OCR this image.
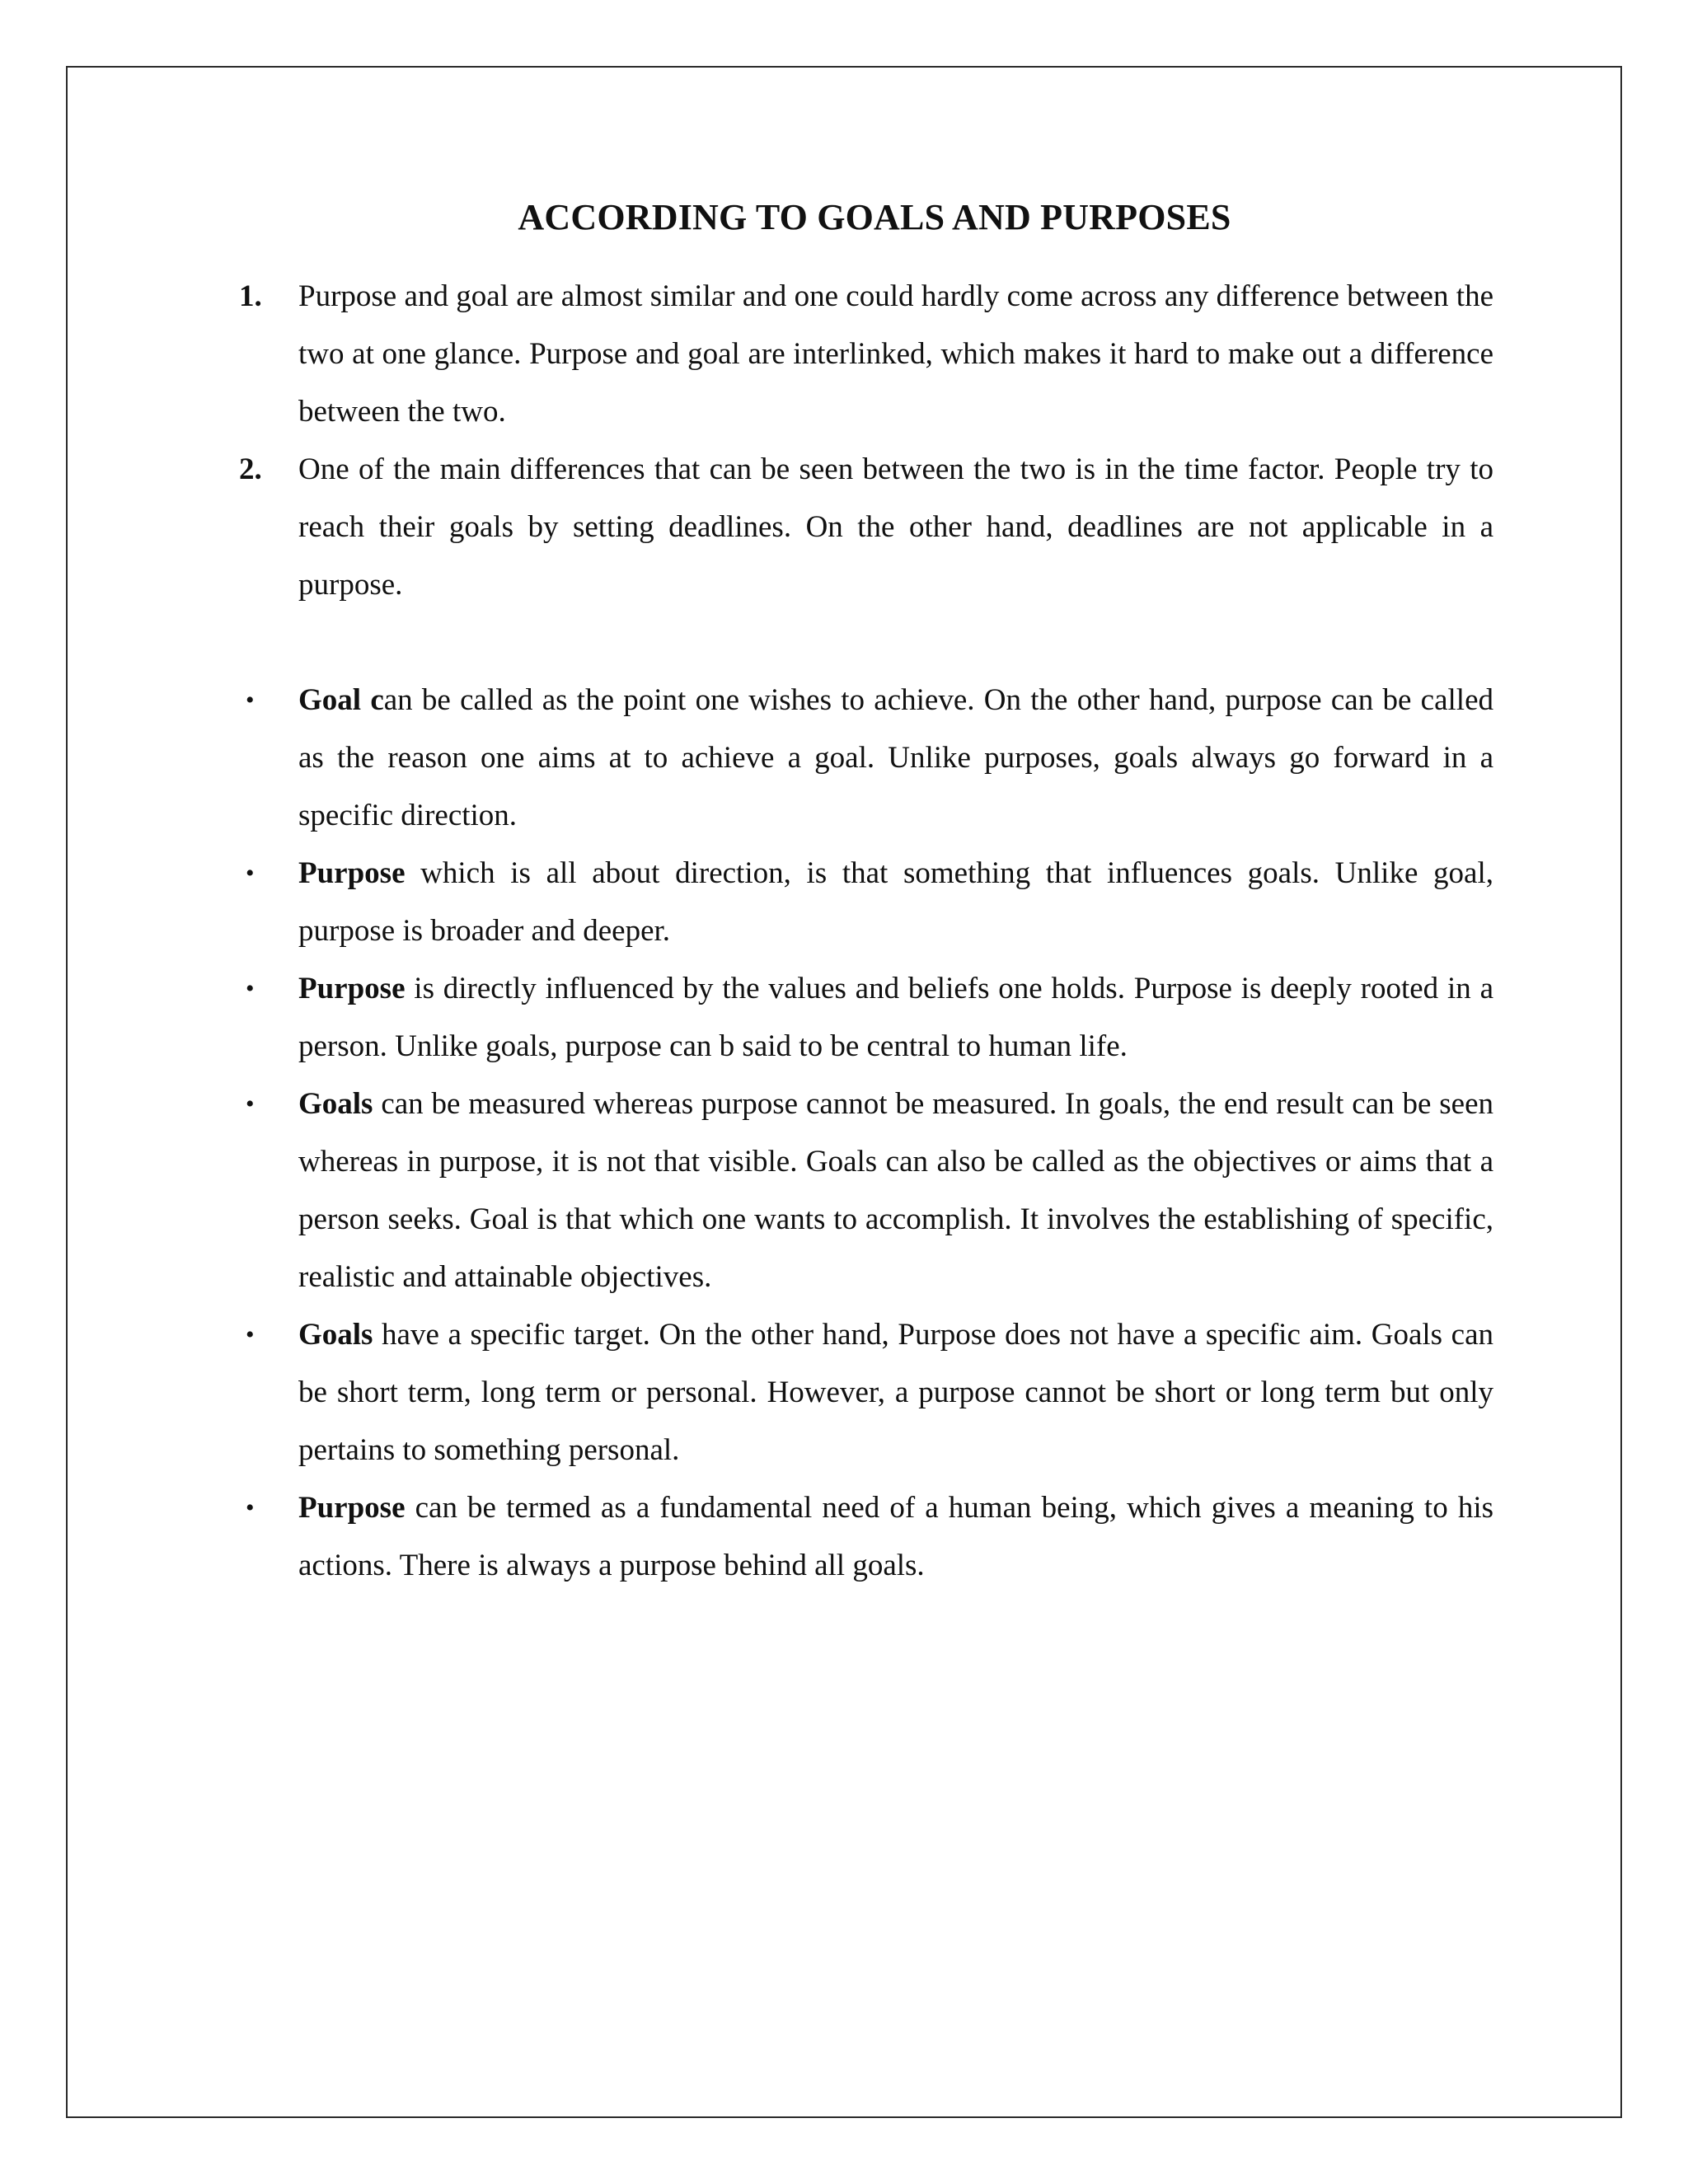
ACCORDING TO GOALS AND PURPOSES
1.	Purpose and goal are almost similar and one could hardly come across any difference between the two at one glance. Purpose and goal are interlinked, which makes it hard to make out a difference between the two.
2.	One of the main differences that can be seen between the two is in the time factor. People try to reach their goals by setting deadlines. On the other hand, deadlines are not applicable in a purpose.
•	Goal can be called as the point one wishes to achieve. On the other hand, purpose can be called as the reason one aims at to achieve a goal. Unlike purposes, goals always go forward in a specific direction.
•	Purpose which is all about direction, is that something that influences goals. Unlike goal, purpose is broader and deeper.
•	Purpose is directly influenced by the values and beliefs one holds. Purpose is deeply rooted in a person. Unlike goals, purpose can b said to be central to human life.
•	Goals can be measured whereas purpose cannot be measured. In goals, the end result can be seen whereas in purpose, it is not that visible. Goals can also be called as the objectives or aims that a person seeks. Goal is that which one wants to accomplish. It involves the establishing of specific, realistic and attainable objectives.
•	Goals have a specific target. On the other hand, Purpose does not have a specific aim. Goals can be short term, long term or personal. However, a purpose cannot be short or long term but only pertains to something personal.
•	Purpose can be termed as a fundamental need of a human being, which gives a meaning to his actions. There is always a purpose behind all goals.
